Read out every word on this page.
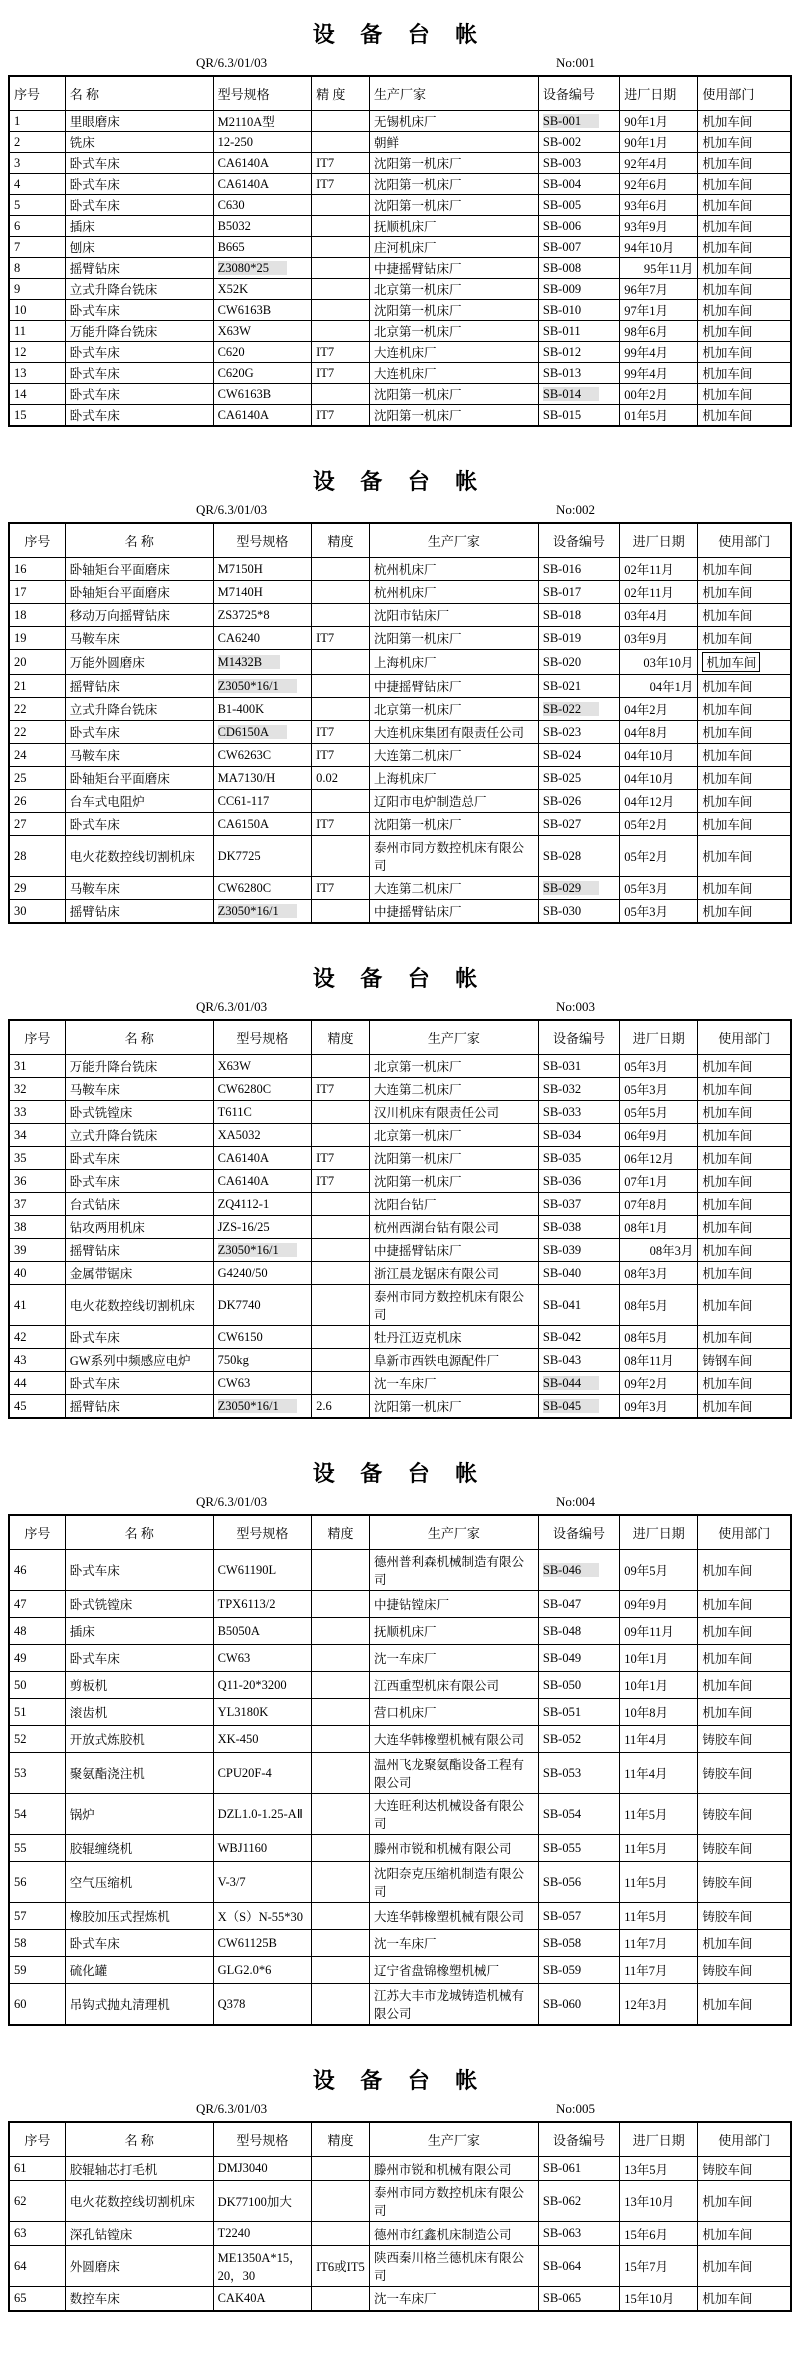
设 备 台 帐
QR/6.3/01/03	No:001
序号	名 称	型号规格	精 度	生产厂家	设备编号	进厂日期	使用部门
1	里眼磨床	M2110A型		无锡机床厂	SB-001	90年1月	机加车间
2	铣床	12-250		朝鲜	SB-002	90年1月	机加车间
3	卧式车床	CA6140A	IT7	沈阳第一机床厂	SB-003	92年4月	机加车间
4	卧式车床	CA6140A	IT7	沈阳第一机床厂	SB-004	92年6月	机加车间
5	卧式车床	C630		沈阳第一机床厂	SB-005	93年6月	机加车间
6	插床	B5032		抚顺机床厂	SB-006	93年9月	机加车间
7	刨床	B665		庄河机床厂	SB-007	94年10月	机加车间
8	摇臂钻床	Z3080*25		中捷摇臂钻床厂	SB-008	95年11月	机加车间
9	立式升降台铣床	X52K		北京第一机床厂	SB-009	96年7月	机加车间
10	卧式车床	CW6163B		沈阳第一机床厂	SB-010	97年1月	机加车间
11	万能升降台铣床	X63W		北京第一机床厂	SB-011	98年6月	机加车间
12	卧式车床	C620	IT7	大连机床厂	SB-012	99年4月	机加车间
13	卧式车床	C620G	IT7	大连机床厂	SB-013	99年4月	机加车间
14	卧式车床	CW6163B		沈阳第一机床厂	SB-014	00年2月	机加车间
15	卧式车床	CA6140A	IT7	沈阳第一机床厂	SB-015	01年5月	机加车间
设 备 台 帐
QR/6.3/01/03	No:002
序号	名 称	型号规格	精度	生产厂家	设备编号	进厂日期	使用部门
16	卧轴矩台平面磨床	M7150H		杭州机床厂	SB-016	02年11月	机加车间
17	卧轴矩台平面磨床	M7140H		杭州机床厂	SB-017	02年11月	机加车间
18	移动万向摇臂钻床	ZS3725*8		沈阳市钻床厂	SB-018	03年4月	机加车间
19	马鞍车床	CA6240	IT7	沈阳第一机床厂	SB-019	03年9月	机加车间
20	万能外圆磨床	M1432B		上海机床厂	SB-020	03年10月	机加车间
21	摇臂钻床	Z3050*16/1		中捷摇臂钻床厂	SB-021	04年1月	机加车间
22	立式升降台铣床	B1-400K		北京第一机床厂	SB-022	04年2月	机加车间
22	卧式车床	CD6150A	IT7	大连机床集团有限责任公司	SB-023	04年8月	机加车间
24	马鞍车床	CW6263C	IT7	大连第二机床厂	SB-024	04年10月	机加车间
25	卧轴矩台平面磨床	MA7130/H	0.02	上海机床厂	SB-025	04年10月	机加车间
26	台车式电阻炉	CC61-117		辽阳市电炉制造总厂	SB-026	04年12月	机加车间
27	卧式车床	CA6150A	IT7	沈阳第一机床厂	SB-027	05年2月	机加车间
28	电火花数控线切割机床	DK7725		泰州市同方数控机床有限公司	SB-028	05年2月	机加车间
29	马鞍车床	CW6280C	IT7	大连第二机床厂	SB-029	05年3月	机加车间
30	摇臂钻床	Z3050*16/1		中捷摇臂钻床厂	SB-030	05年3月	机加车间
设 备 台 帐
QR/6.3/01/03	No:003
序号	名 称	型号规格	精度	生产厂家	设备编号	进厂日期	使用部门
31	万能升降台铣床	X63W		北京第一机床厂	SB-031	05年3月	机加车间
32	马鞍车床	CW6280C	IT7	大连第二机床厂	SB-032	05年3月	机加车间
33	卧式铣镗床	T611C		汉川机床有限责任公司	SB-033	05年5月	机加车间
34	立式升降台铣床	XA5032		北京第一机床厂	SB-034	06年9月	机加车间
35	卧式车床	CA6140A	IT7	沈阳第一机床厂	SB-035	06年12月	机加车间
36	卧式车床	CA6140A	IT7	沈阳第一机床厂	SB-036	07年1月	机加车间
37	台式钻床	ZQ4112-1		沈阳台钻厂	SB-037	07年8月	机加车间
38	钻攻两用机床	JZS-16/25		杭州西湖台钻有限公司	SB-038	08年1月	机加车间
39	摇臂钻床	Z3050*16/1		中捷摇臂钻床厂	SB-039	08年3月	机加车间
40	金属带锯床	G4240/50		浙江晨龙锯床有限公司	SB-040	08年3月	机加车间
41	电火花数控线切割机床	DK7740		泰州市同方数控机床有限公司	SB-041	08年5月	机加车间
42	卧式车床	CW6150		牡丹江迈克机床	SB-042	08年5月	机加车间
43	GW系列中频感应电炉	750kg		阜新市西铁电源配件厂	SB-043	08年11月	铸钢车间
44	卧式车床	CW63		沈一车床厂	SB-044	09年2月	机加车间
45	摇臂钻床	Z3050*16/1	2.6	沈阳第一机床厂	SB-045	09年3月	机加车间
设 备 台 帐
QR/6.3/01/03	No:004
序号	名 称	型号规格	精度	生产厂家	设备编号	进厂日期	使用部门
46	卧式车床	CW61190L		德州普利森机械制造有限公司	SB-046	09年5月	机加车间
47	卧式铣镗床	TPX6113/2		中捷钻镗床厂	SB-047	09年9月	机加车间
48	插床	B5050A		抚顺机床厂	SB-048	09年11月	机加车间
49	卧式车床	CW63		沈一车床厂	SB-049	10年1月	机加车间
50	剪板机	Q11-20*3200		江西重型机床有限公司	SB-050	10年1月	机加车间
51	滚齿机	YL3180K		营口机床厂	SB-051	10年8月	机加车间
52	开放式炼胶机	XK-450		大连华韩橡塑机械有限公司	SB-052	11年4月	铸胶车间
53	聚氨酯浇注机	CPU20F-4		温州飞龙聚氨酯设备工程有限公司	SB-053	11年4月	铸胶车间
54	锅炉	DZL1.0-1.25-AⅡ		大连旺利达机械设备有限公司	SB-054	11年5月	铸胶车间
55	胶辊缠绕机	WBJ1160		滕州市锐和机械有限公司	SB-055	11年5月	铸胶车间
56	空气压缩机	V-3/7		沈阳奈克压缩机制造有限公司	SB-056	11年5月	铸胶车间
57	橡胶加压式捏炼机	X（S）N-55*30		大连华韩橡塑机械有限公司	SB-057	11年5月	铸胶车间
58	卧式车床	CW61125B		沈一车床厂	SB-058	11年7月	机加车间
59	硫化罐	GLG2.0*6		辽宁省盘锦橡塑机械厂	SB-059	11年7月	铸胶车间
60	吊钩式抛丸清理机	Q378		江苏大丰市龙城铸造机械有限公司	SB-060	12年3月	机加车间
设 备 台 帐
QR/6.3/01/03	No:005
序号	名 称	型号规格	精度	生产厂家	设备编号	进厂日期	使用部门
61	胶辊轴芯打毛机	DMJ3040		滕州市锐和机械有限公司	SB-061	13年5月	铸胶车间
62	电火花数控线切割机床	DK77100加大		泰州市同方数控机床有限公司	SB-062	13年10月	机加车间
63	深孔钻镗床	T2240		德州市红鑫机床制造公司	SB-063	15年6月	机加车间
64	外圆磨床	ME1350A*15，20，30	IT6或IT5	陕西秦川格兰德机床有限公司	SB-064	15年7月	机加车间
65	数控车床	CAK40A		沈一车床厂	SB-065	15年10月	机加车间
